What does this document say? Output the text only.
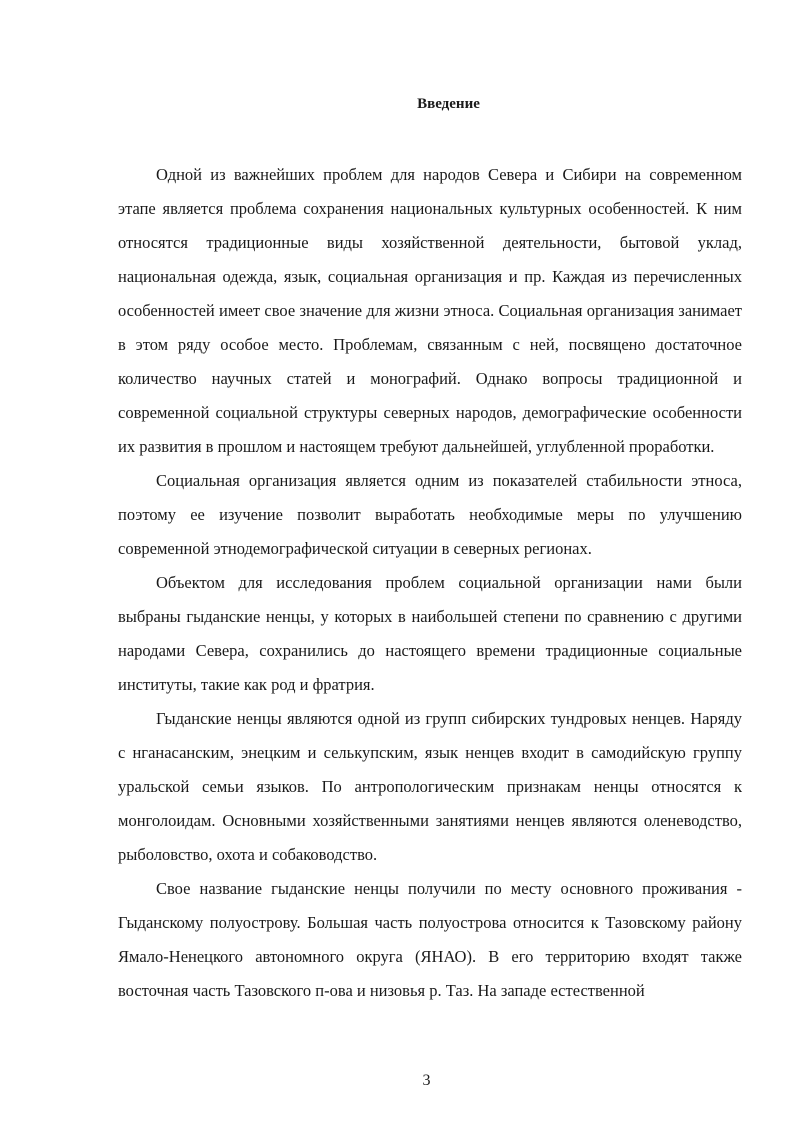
Введение

Одной из важнейших проблем для народов Севера и Сибири на современном этапе является проблема сохранения национальных культурных особенностей. К ним относятся традиционные виды хозяйственной деятельности, бытовой уклад, национальная одежда, язык, социальная организация и пр. Каждая из перечисленных особенностей имеет свое значение для жизни этноса. Социальная организация занимает в этом ряду особое место. Проблемам, связанным с ней, посвящено достаточное количество научных статей и монографий. Однако вопросы традиционной и современной социальной структуры северных народов, демографические особенности их развития в прошлом и настоящем требуют дальнейшей, углубленной проработки.

Социальная организация является одним из показателей стабильности этноса, поэтому ее изучение позволит выработать необходимые меры по улучшению современной этнодемографической ситуации в северных регионах.

Объектом для исследования проблем социальной организации нами были выбраны гыданские ненцы, у которых в наибольшей степени по сравнению с другими народами Севера, сохранились до настоящего времени традиционные социальные институты, такие как род и фратрия.

Гыданские ненцы являются одной из групп сибирских тундровых ненцев. Наряду с нганасанским, энецким и селькупским, язык ненцев входит в самодийскую группу уральской семьи языков. По антропологическим признакам ненцы относятся к монголоидам. Основными хозяйственными занятиями ненцев являются оленеводство, рыболовство, охота и собаководство.

Свое название гыданские ненцы получили по месту основного проживания - Гыданскому полуострову. Большая часть полуострова относится к Тазовскому району Ямало-Ненецкого автономного округа (ЯНАО). В его территорию входят также восточная часть Тазовского п-ова и низовья р. Таз. На западе естественной

3
